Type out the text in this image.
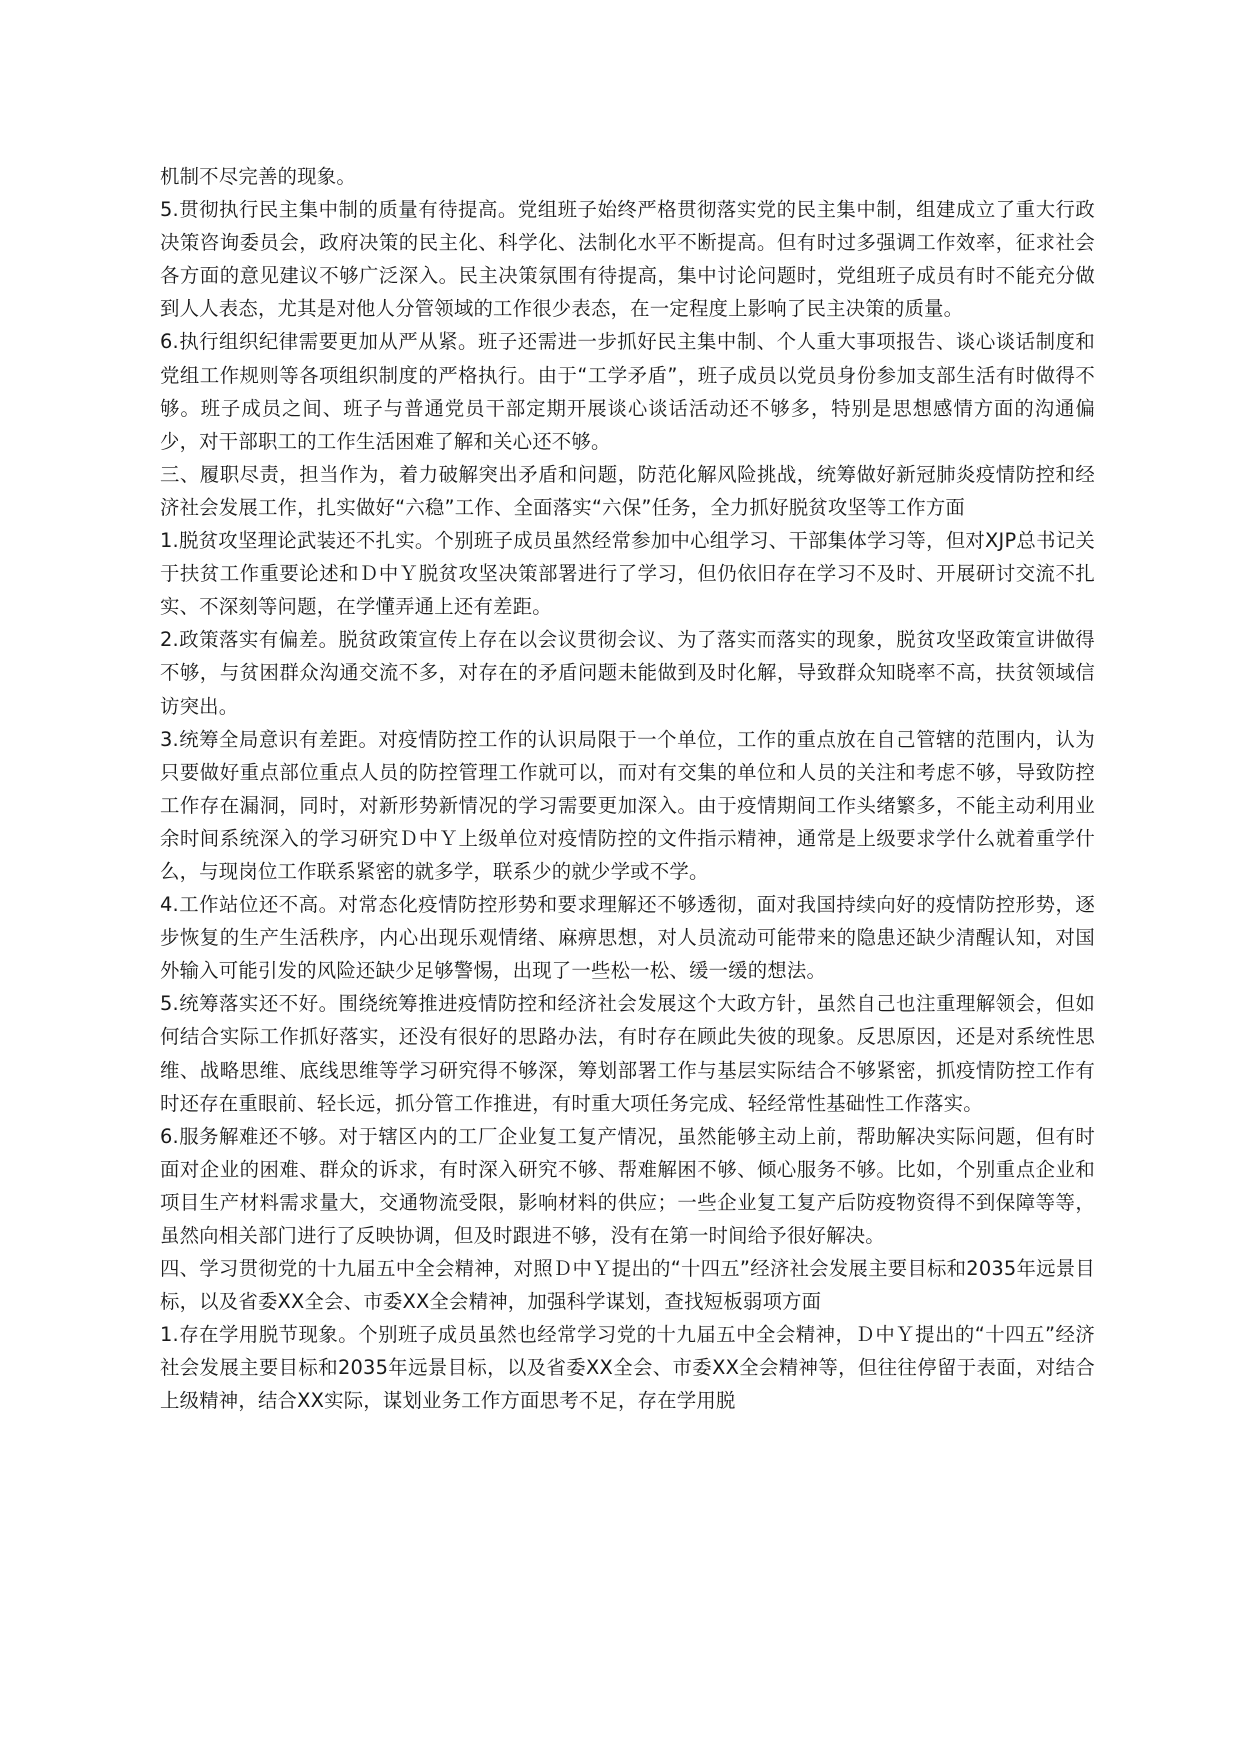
机制不尽完善的现象。

5.贯彻执行民主集中制的质量有待提高。党组班子始终严格贯彻落实党的民主集中制，组建成立了重大行政决策咨询委员会，政府决策的民主化、科学化、法制化水平不断提高。但有时过多强调工作效率，征求社会各方面的意见建议不够广泛深入。民主决策氛围有待提高，集中讨论问题时，党组班子成员有时不能充分做到人人表态，尤其是对他人分管领域的工作很少表态，在一定程度上影响了民主决策的质量。

6.执行组织纪律需要更加从严从紧。班子还需进一步抓好民主集中制、个人重大事项报告、谈心谈话制度和党组工作规则等各项组织制度的严格执行。由于“工学矛盾”，班子成员以党员身份参加支部生活有时做得不够。班子成员之间、班子与普通党员干部定期开展谈心谈话活动还不够多，特别是思想感情方面的沟通偏少，对干部职工的工作生活困难了解和关心还不够。

三、履职尽责，担当作为，着力破解突出矛盾和问题，防范化解风险挑战，统筹做好新冠肺炎疫情防控和经济社会发展工作，扎实做好“六稳”工作、全面落实“六保”任务，全力抓好脱贫攻坚等工作方面

1.脱贫攻坚理论武装还不扎实。个别班子成员虽然经常参加中心组学习、干部集体学习等，但对XJP总书记关于扶贫工作重要论述和Ｄ中Ｙ脱贫攻坚决策部署进行了学习，但仍依旧存在学习不及时、开展研讨交流不扎实、不深刻等问题，在学懂弄通上还有差距。

2.政策落实有偏差。脱贫政策宣传上存在以会议贯彻会议、为了落实而落实的现象，脱贫攻坚政策宣讲做得不够，与贫困群众沟通交流不多，对存在的矛盾问题未能做到及时化解，导致群众知晓率不高，扶贫领域信访突出。

3.统筹全局意识有差距。对疫情防控工作的认识局限于一个单位，工作的重点放在自己管辖的范围内，认为只要做好重点部位重点人员的防控管理工作就可以，而对有交集的单位和人员的关注和考虑不够，导致防控工作存在漏洞，同时，对新形势新情况的学习需要更加深入。由于疫情期间工作头绪繁多，不能主动利用业余时间系统深入的学习研究Ｄ中Ｙ上级单位对疫情防控的文件指示精神，通常是上级要求学什么就着重学什么，与现岗位工作联系紧密的就多学，联系少的就少学或不学。

4.工作站位还不高。对常态化疫情防控形势和要求理解还不够透彻，面对我国持续向好的疫情防控形势，逐步恢复的生产生活秩序，内心出现乐观情绪、麻痹思想，对人员流动可能带来的隐患还缺少清醒认知，对国外输入可能引发的风险还缺少足够警惕，出现了一些松一松、缓一缓的想法。

5.统筹落实还不好。围绕统筹推进疫情防控和经济社会发展这个大政方针，虽然自己也注重理解领会，但如何结合实际工作抓好落实，还没有很好的思路办法，有时存在顾此失彼的现象。反思原因，还是对系统性思维、战略思维、底线思维等学习研究得不够深，筹划部署工作与基层实际结合不够紧密，抓疫情防控工作有时还存在重眼前、轻长远，抓分管工作推进，有时重大项任务完成、轻经常性基础性工作落实。

6.服务解难还不够。对于辖区内的工厂企业复工复产情况，虽然能够主动上前，帮助解决实际问题，但有时面对企业的困难、群众的诉求，有时深入研究不够、帮难解困不够、倾心服务不够。比如，个别重点企业和项目生产材料需求量大，交通物流受限，影响材料的供应；一些企业复工复产后防疫物资得不到保障等等，虽然向相关部门进行了反映协调，但及时跟进不够，没有在第一时间给予很好解决。

四、学习贯彻党的十九届五中全会精神，对照Ｄ中Ｙ提出的“十四五”经济社会发展主要目标和2035年远景目标，以及省委XX全会、市委XX全会精神，加强科学谋划，查找短板弱项方面

1.存在学用脱节现象。个别班子成员虽然也经常学习党的十九届五中全会精神，Ｄ中Ｙ提出的“十四五”经济社会发展主要目标和2035年远景目标，以及省委XX全会、市委XX全会精神等，但往往停留于表面，对结合上级精神，结合XX实际，谋划业务工作方面思考不足，存在学用脱
